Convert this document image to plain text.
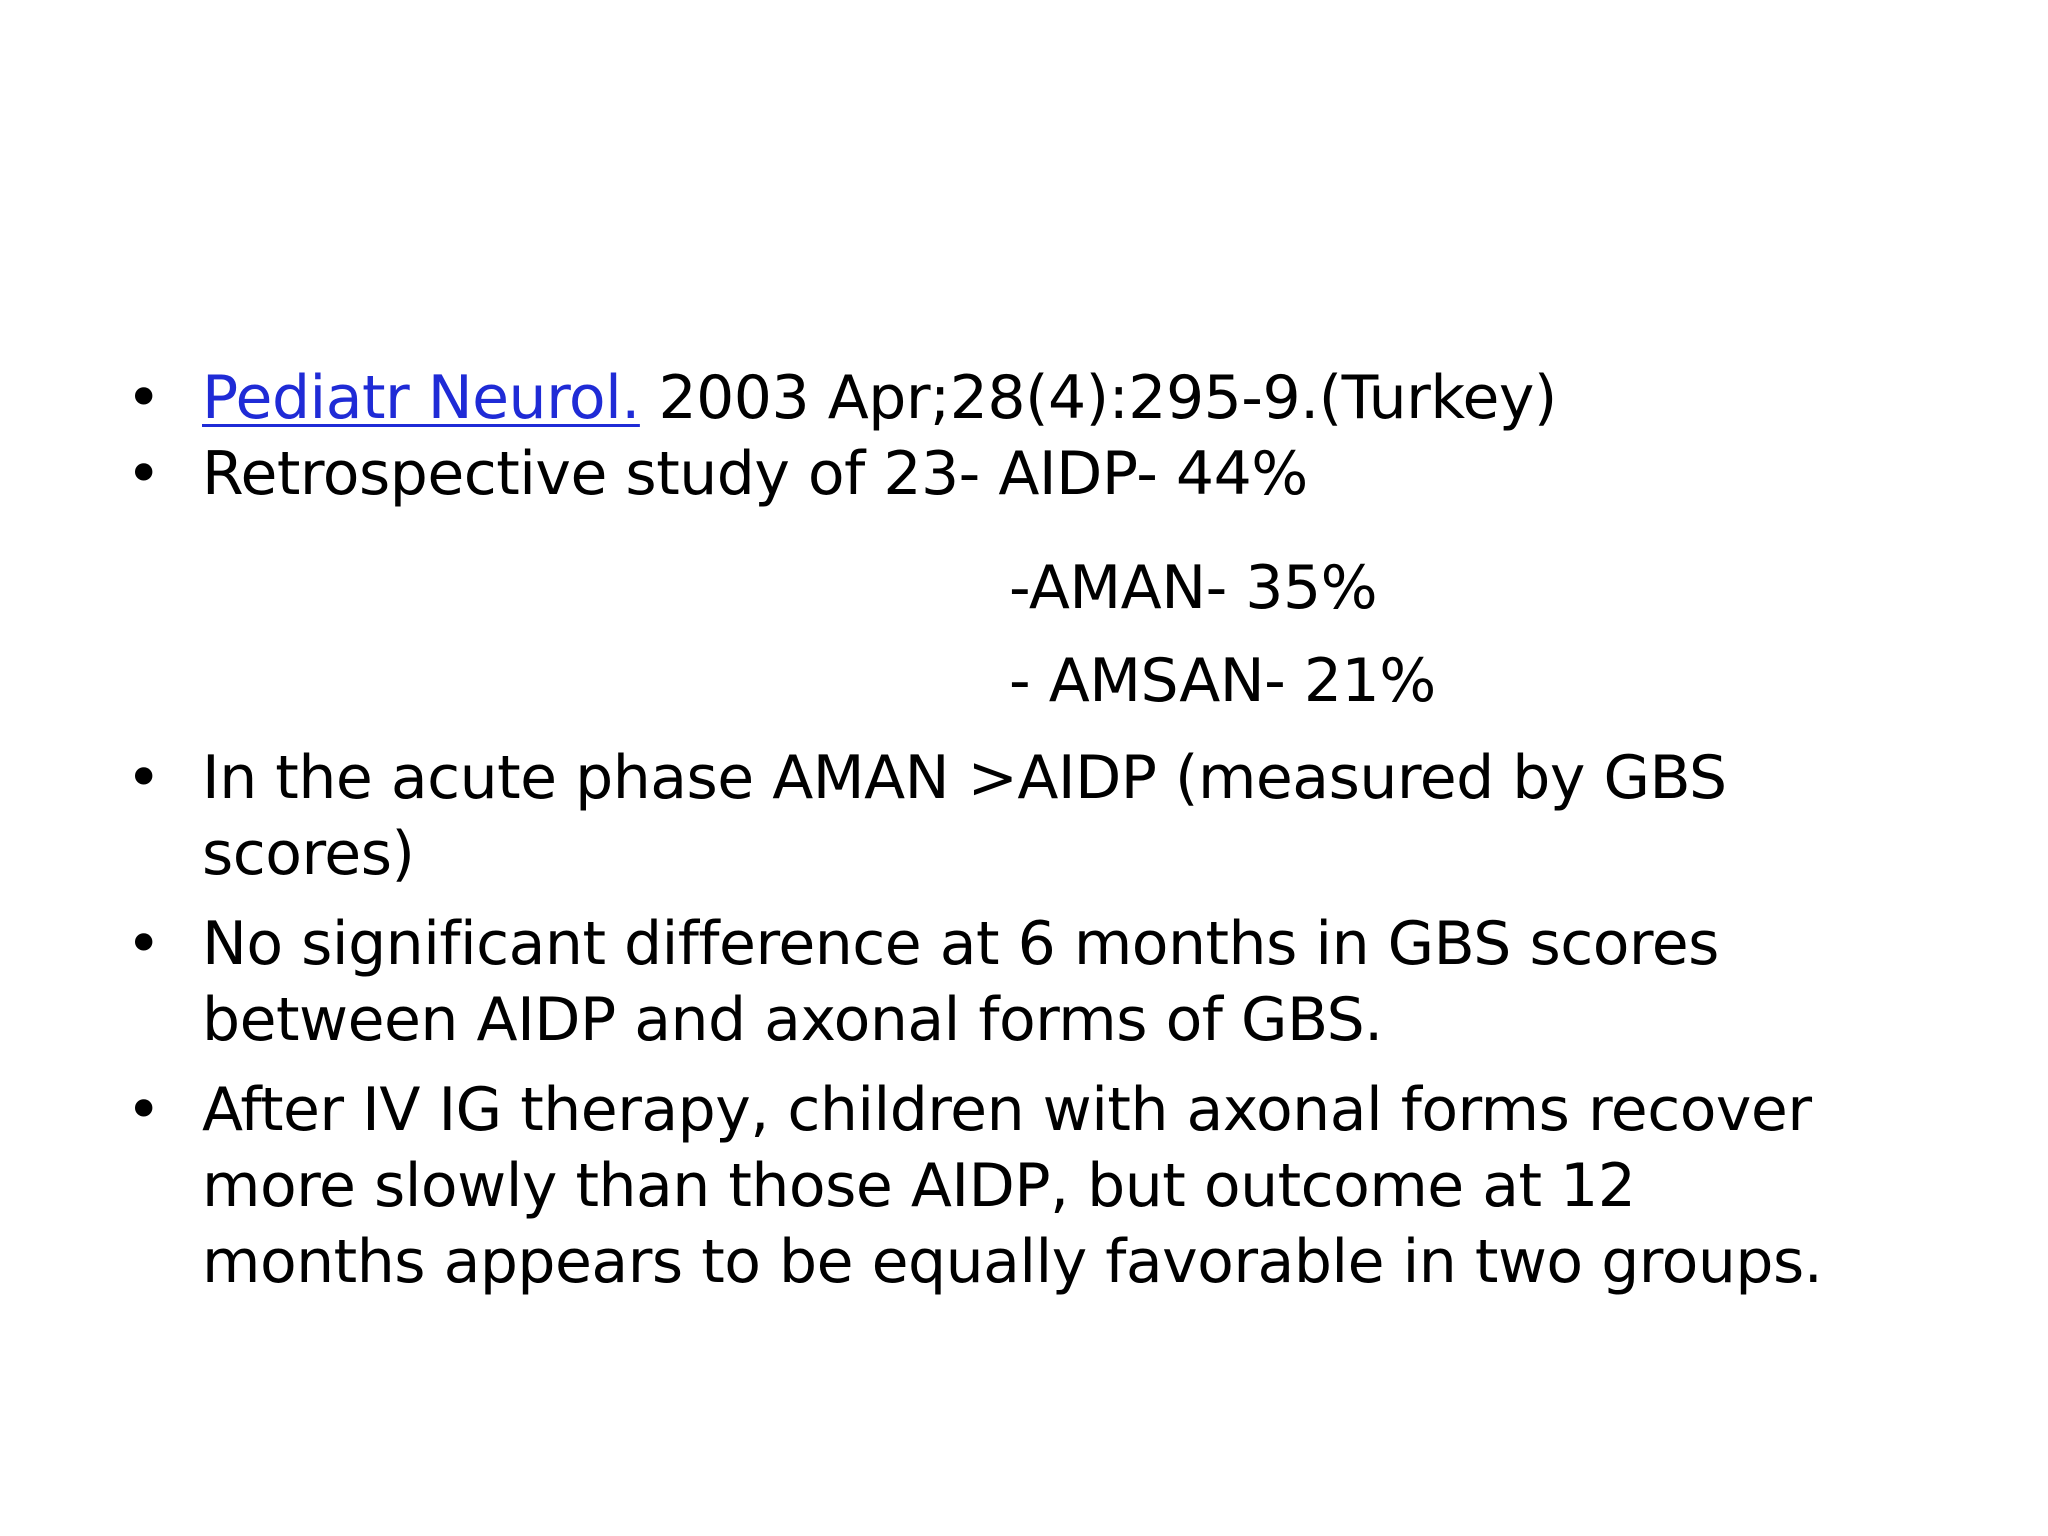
• Pediatr Neurol. 2003 Apr;28(4):295-9.(Turkey)
• Retrospective study of 23- AIDP- 44%
-AMAN- 35%
- AMSAN- 21%
• In the acute phase AMAN >AIDP (measured by GBS
scores)
• No significant difference at 6 months in GBS scores
between AIDP and axonal forms of GBS.
• After IV IG therapy, children with axonal forms recover
more slowly than those AIDP, but outcome at 12
months appears to be equally favorable in two groups.
